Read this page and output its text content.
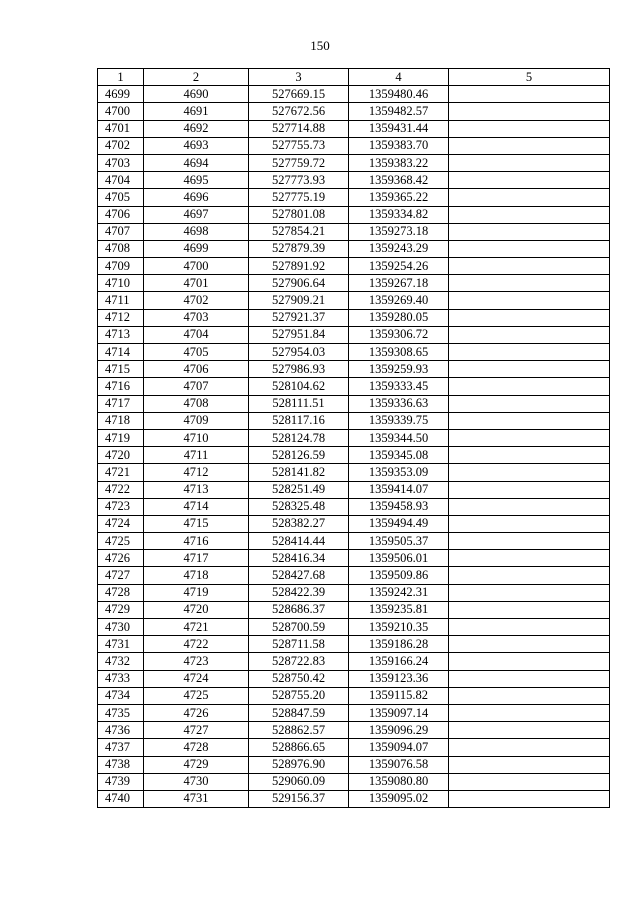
150
1	2	3	4	5
4699	4690	527669.15	1359480.46	
4700	4691	527672.56	1359482.57	
4701	4692	527714.88	1359431.44	
4702	4693	527755.73	1359383.70	
4703	4694	527759.72	1359383.22	
4704	4695	527773.93	1359368.42	
4705	4696	527775.19	1359365.22	
4706	4697	527801.08	1359334.82	
4707	4698	527854.21	1359273.18	
4708	4699	527879.39	1359243.29	
4709	4700	527891.92	1359254.26	
4710	4701	527906.64	1359267.18	
4711	4702	527909.21	1359269.40	
4712	4703	527921.37	1359280.05	
4713	4704	527951.84	1359306.72	
4714	4705	527954.03	1359308.65	
4715	4706	527986.93	1359259.93	
4716	4707	528104.62	1359333.45	
4717	4708	528111.51	1359336.63	
4718	4709	528117.16	1359339.75	
4719	4710	528124.78	1359344.50	
4720	4711	528126.59	1359345.08	
4721	4712	528141.82	1359353.09	
4722	4713	528251.49	1359414.07	
4723	4714	528325.48	1359458.93	
4724	4715	528382.27	1359494.49	
4725	4716	528414.44	1359505.37	
4726	4717	528416.34	1359506.01	
4727	4718	528427.68	1359509.86	
4728	4719	528422.39	1359242.31	
4729	4720	528686.37	1359235.81	
4730	4721	528700.59	1359210.35	
4731	4722	528711.58	1359186.28	
4732	4723	528722.83	1359166.24	
4733	4724	528750.42	1359123.36	
4734	4725	528755.20	1359115.82	
4735	4726	528847.59	1359097.14	
4736	4727	528862.57	1359096.29	
4737	4728	528866.65	1359094.07	
4738	4729	528976.90	1359076.58	
4739	4730	529060.09	1359080.80	
4740	4731	529156.37	1359095.02	
